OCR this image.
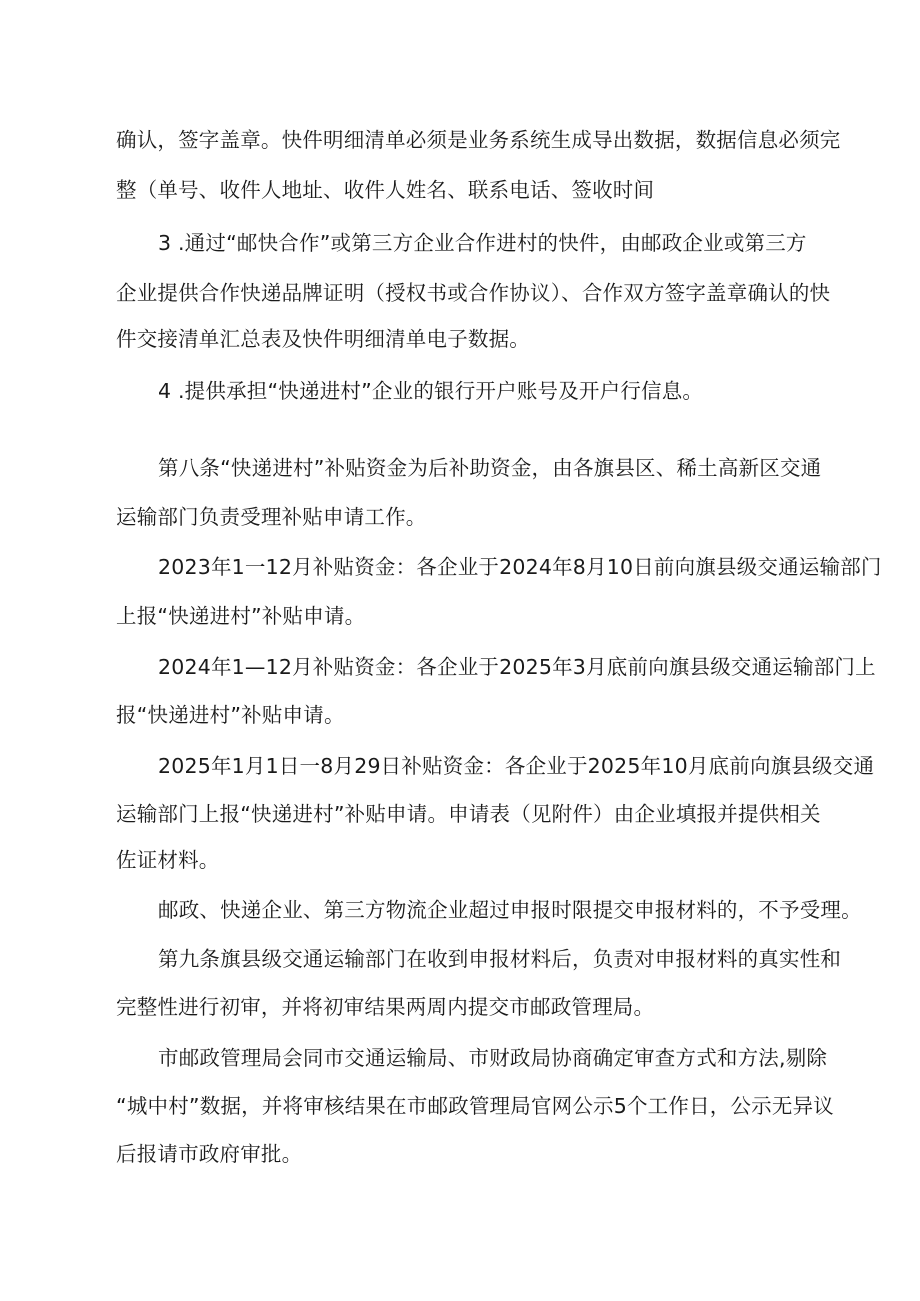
确认，签字盖章。快件明细清单必须是业务系统生成导出数据，数据信息必须完
整（单号、收件人地址、收件人姓名、联系电话、签收时间
3 .通过“邮快合作”或第三方企业合作进村的快件，由邮政企业或第三方
企业提供合作快递品牌证明（授权书或合作协议）、合作双方签字盖章确认的快
件交接清单汇总表及快件明细清单电子数据。
4 .提供承担“快递进村”企业的银行开户账号及开户行信息。
第八条“快递进村”补贴资金为后补助资金，由各旗县区、稀土高新区交通
运输部门负责受理补贴申请工作。
2023年1一12月补贴资金：各企业于2024年8月10日前向旗县级交通运输部门
上报“快递进村”补贴申请。
2024年1—12月补贴资金：各企业于2025年3月底前向旗县级交通运输部门上
报“快递进村”补贴申请。
2025年1月1日一8月29日补贴资金：各企业于2025年10月底前向旗县级交通
运输部门上报“快递进村”补贴申请。申请表（见附件）由企业填报并提供相关
佐证材料。
邮政、快递企业、第三方物流企业超过申报时限提交申报材料的，不予受理。
第九条旗县级交通运输部门在收到申报材料后，负责对申报材料的真实性和
完整性进行初审，并将初审结果两周内提交市邮政管理局。
市邮政管理局会同市交通运输局、市财政局协商确定审查方式和方法,剔除
“城中村”数据，并将审核结果在市邮政管理局官网公示5个工作日，公示无异议
后报请市政府审批。
